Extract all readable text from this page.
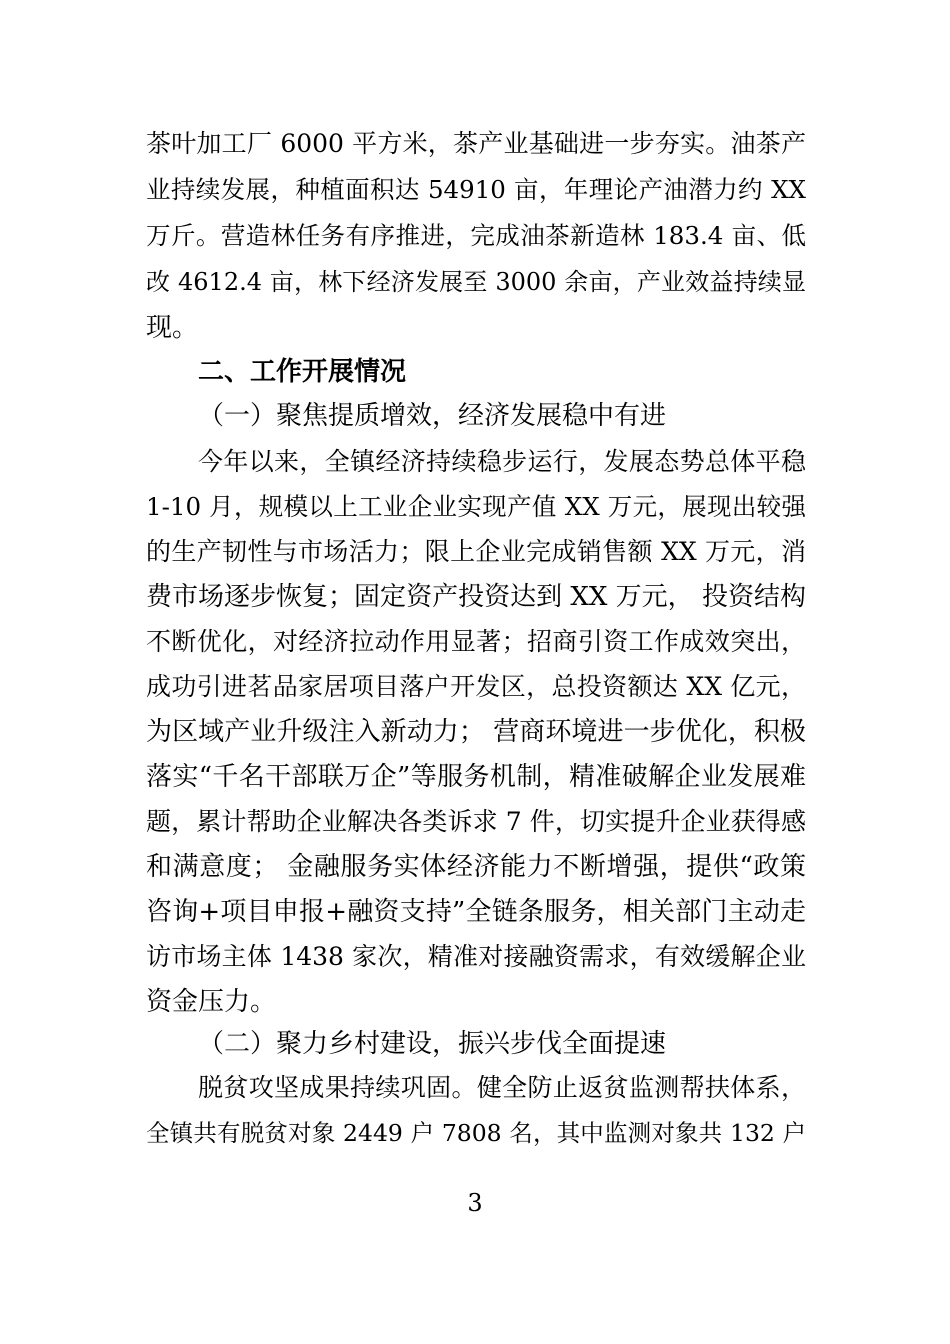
茶叶加工厂 6000 平方米，茶产业基础进一步夯实。油茶产
业持续发展，种植面积达 54910 亩，年理论产油潜力约 XX
万斤。营造林任务有序推进，完成油茶新造林 183.4 亩、低
改 4612.4 亩，林下经济发展至 3000 余亩，产业效益持续显
现。
二、工作开展情况
（一）聚焦提质增效，经济发展稳中有进
今年以来，全镇经济持续稳步运行，发展态势总体平稳
1-10 月，规模以上工业企业实现产值 XX 万元，展现出较强
的生产韧性与市场活力；限上企业完成销售额 XX 万元，消
费市场逐步恢复；固定资产投资达到 XX 万元， 投资结构
不断优化，对经济拉动作用显著；招商引资工作成效突出，
成功引进茗品家居项目落户开发区，总投资额达 XX 亿元，
为区域产业升级注入新动力； 营商环境进一步优化，积极
落实“千名干部联万企”等服务机制，精准破解企业发展难
题，累计帮助企业解决各类诉求 7 件，切实提升企业获得感
和满意度； 金融服务实体经济能力不断增强，提供“政策
咨询+项目申报+融资支持”全链条服务，相关部门主动走
访市场主体 1438 家次，精准对接融资需求，有效缓解企业
资金压力。
（二）聚力乡村建设，振兴步伐全面提速
脱贫攻坚成果持续巩固。健全防止返贫监测帮扶体系，
全镇共有脱贫对象 2449 户 7808 名，其中监测对象共 132 户
3
